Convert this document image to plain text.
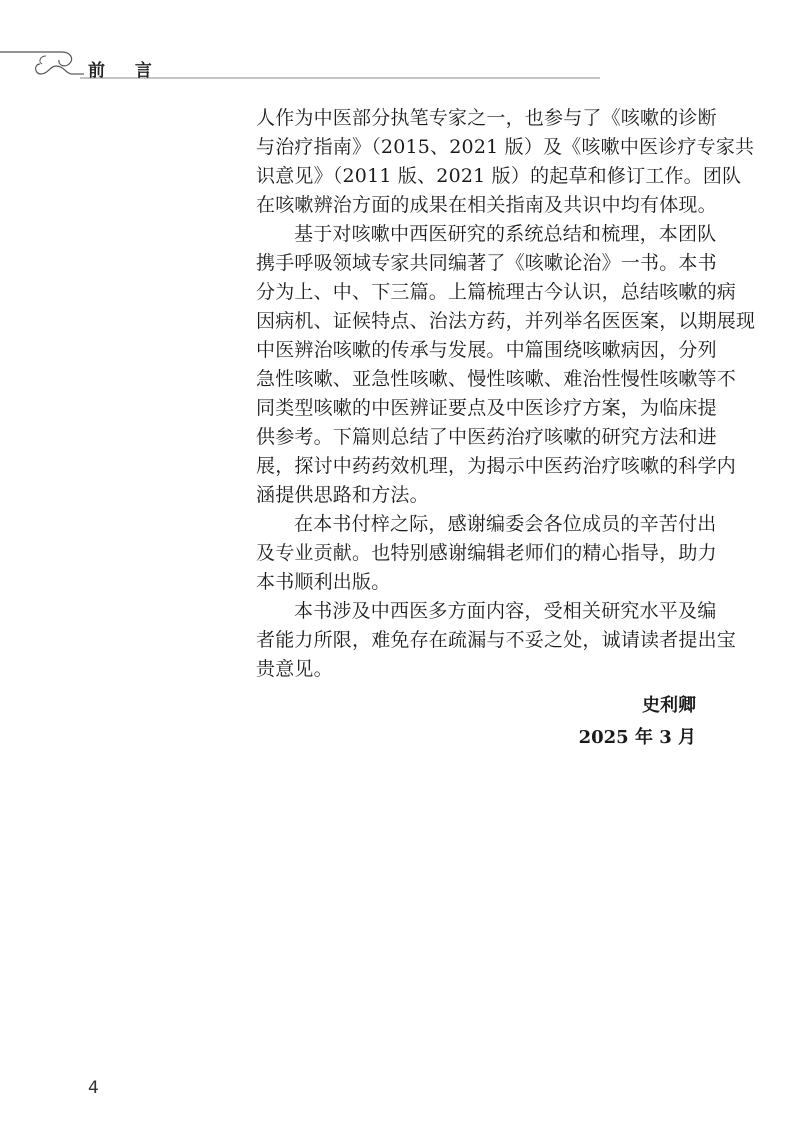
前 言
人作为中医部分执笔专家之一，也参与了《咳嗽的诊断
与治疗指南》（2015、2021 版）及《咳嗽中医诊疗专家共
识意见》（2011 版、2021 版）的起草和修订工作。团队
在咳嗽辨治方面的成果在相关指南及共识中均有体现。
基于对咳嗽中西医研究的系统总结和梳理，本团队
携手呼吸领域专家共同编著了《咳嗽论治》一书。本书
分为上、中、下三篇。上篇梳理古今认识，总结咳嗽的病
因病机、证候特点、治法方药，并列举名医医案，以期展现
中医辨治咳嗽的传承与发展。中篇围绕咳嗽病因，分列
急性咳嗽、亚急性咳嗽、慢性咳嗽、难治性慢性咳嗽等不
同类型咳嗽的中医辨证要点及中医诊疗方案，为临床提
供参考。下篇则总结了中医药治疗咳嗽的研究方法和进
展，探讨中药药效机理，为揭示中医药治疗咳嗽的科学内
涵提供思路和方法。
在本书付梓之际，感谢编委会各位成员的辛苦付出
及专业贡献。也特别感谢编辑老师们的精心指导，助力
本书顺利出版。
本书涉及中西医多方面内容，受相关研究水平及编
者能力所限，难免存在疏漏与不妥之处，诚请读者提出宝
贵意见。
史利卿
2025 年 3 月
4
